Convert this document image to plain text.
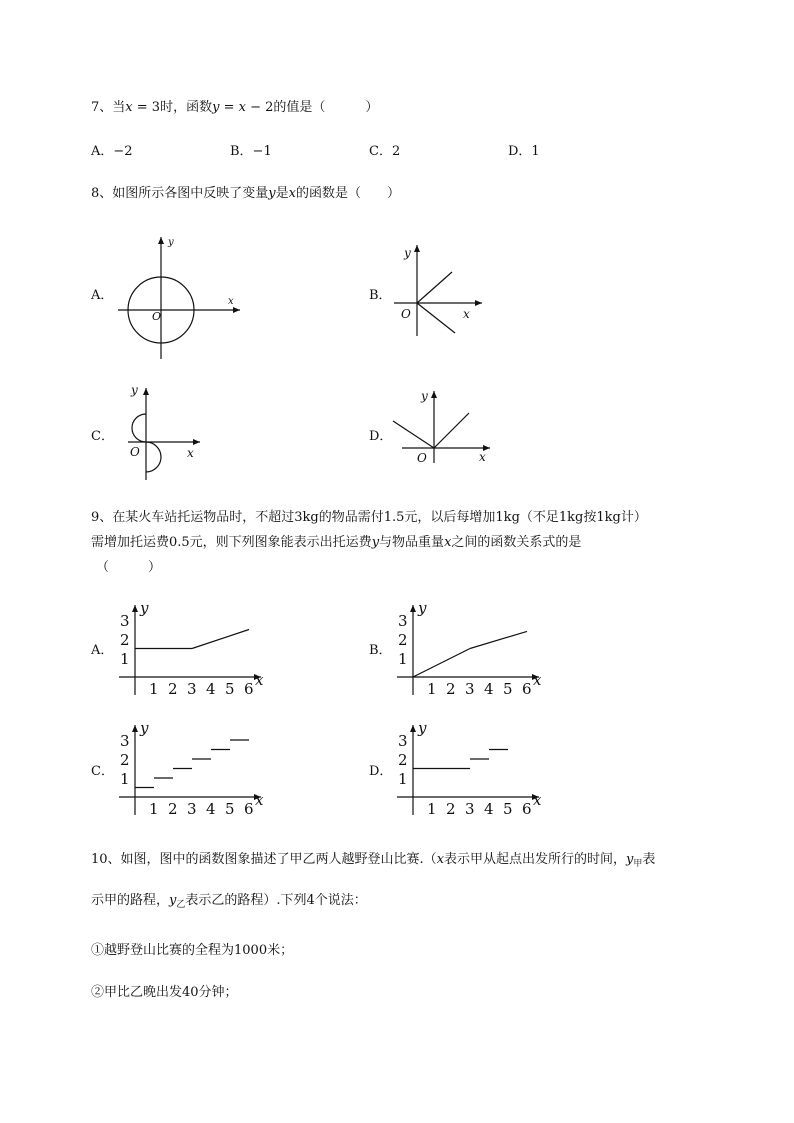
7、当x = 3时，函数y = x − 2的值是（	）
A．−2	B．−1	C．2	D．1
8、如图所示各图中反映了变量y是x的函数是（　　）
A．
y
x
O
B．
y
x
O
C．
y
x
O
D．
y
x
O
9、在某火车站托运物品时，不超过3kg的物品需付1.5元，以后每增加1kg（不足1kg按1kg计）
需增加托运费0.5元，则下列图象能表示出托运费y与物品重量x之间的函数关系式的是
（　　　）
A．	B．
C．	D．
1 2 3 4 5 6
1
2
3
y
x	1 2 3 4 5 6
1
2
3
y
x
1 2 3 4 5 6
1
2
3
y
x	1 2 3 4 5 6
1
2
3
y
x
10、如图，图中的函数图象描述了甲乙两人越野登山比赛.（x表示甲从起点出发所行的时间，$y_甲$表
示甲的路程，$y_乙$表示乙的路程）.下列4个说法：
①越野登山比赛的全程为1000米；
②甲比乙晚出发40分钟；
